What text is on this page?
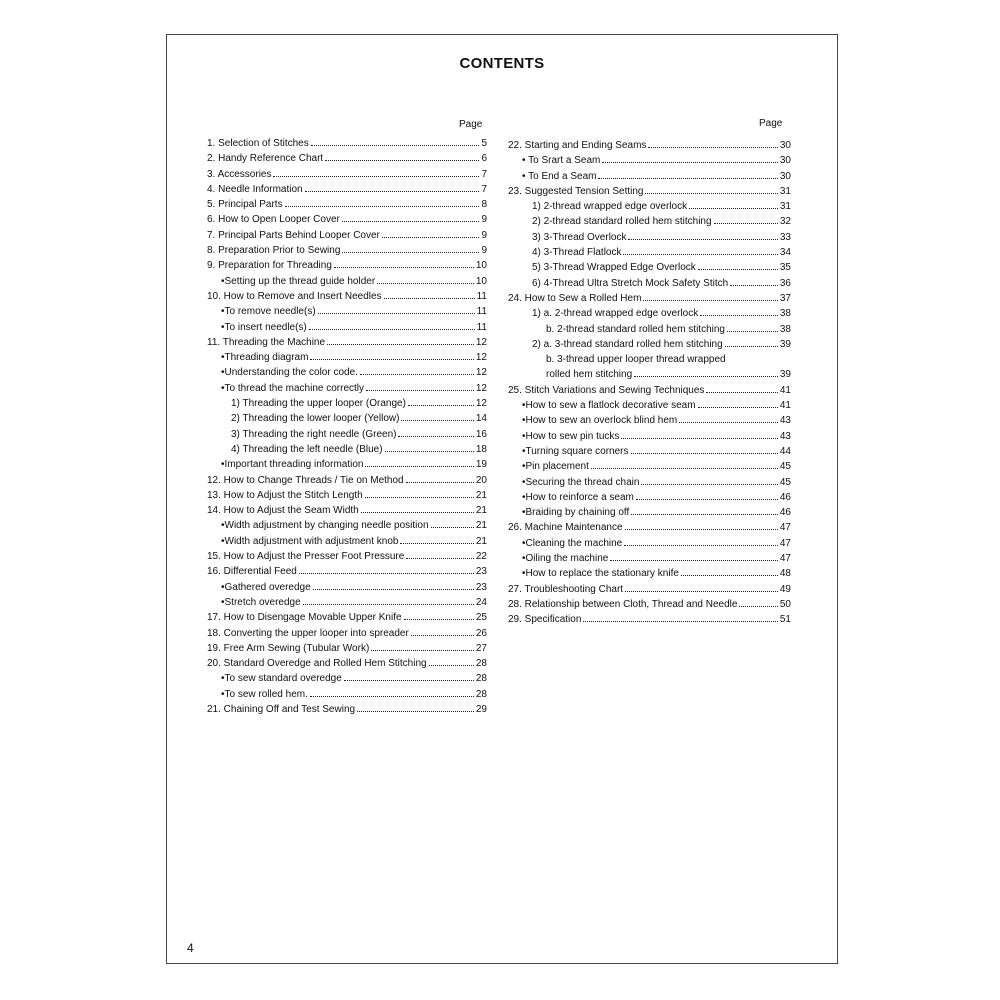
CONTENTS
Page	Page
1. Selection of Stitches	5
2. Handy Reference Chart	6
3. Accessories	7
4. Needle Information	7
5. Principal Parts	8
6. How to Open Looper Cover	9
7. Principal Parts Behind Looper Cover	9
8. Preparation Prior to Sewing	9
9. Preparation for Threading	10
•Setting up the thread guide holder	10
10. How to Remove and Insert Needles	11
•To remove needle(s)	11
•To insert needle(s)	11
11. Threading the Machine	12
•Threading diagram	12
•Understanding the color code.	12
•To thread the machine correctly	12
1) Threading the upper looper (Orange)	12
2) Threading the lower looper (Yellow)	14
3) Threading the right needle (Green)	16
4) Threading the left needle (Blue)	18
•Important threading information	19
12. How to Change Threads / Tie on Method	20
13. How to Adjust the Stitch Length	21
14. How to Adjust the Seam Width	21
•Width adjustment by changing needle position	21
•Width adjustment with adjustment knob	21
15. How to Adjust the Presser Foot Pressure	22
16. Differential Feed	23
•Gathered overedge	23
•Stretch overedge	24
17. How to Disengage Movable Upper Knife	25
18. Converting the upper looper into spreader	26
19. Free Arm Sewing (Tubular Work)	27
20. Standard Overedge and Rolled Hem Stitching	28
•To sew standard overedge	28
•To sew rolled hem.	28
21. Chaining Off and Test Sewing	29
22. Starting and Ending Seams	30
• To Srart a Seam	30
• To End a Seam	30
23. Suggested Tension Setting	31
1) 2-thread wrapped edge overlock	31
2) 2-thread standard rolled hem stitching	32
3) 3-Thread Overlock	33
4) 3-Thread Flatlock	34
5) 3-Thread Wrapped Edge Overlock	35
6) 4-Thread Ultra Stretch Mock Safety Stitch	36
24. How to Sew a Rolled Hem	37
1) a. 2-thread wrapped edge overlock	38
b. 2-thread standard rolled hem stitching	38
2) a. 3-thread standard rolled hem stitching	39
b. 3-thread upper looper thread wrapped
rolled hem stitching	39
25. Stitch Variations and Sewing Techniques	41
•How to sew a flatlock decorative seam	41
•How to sew an overlock blind hem	43
•How to sew pin tucks	43
•Turning square corners	44
•Pin placement	45
•Securing the thread chain	45
•How to reinforce a seam	46
•Braiding by chaining off	46
26. Machine Maintenance	47
•Cleaning the machine	47
•Oiling the machine	47
•How to replace the stationary knife	48
27. Troubleshooting Chart	49
28. Relationship between Cloth, Thread and Needle	50
29. Specification	51
4
